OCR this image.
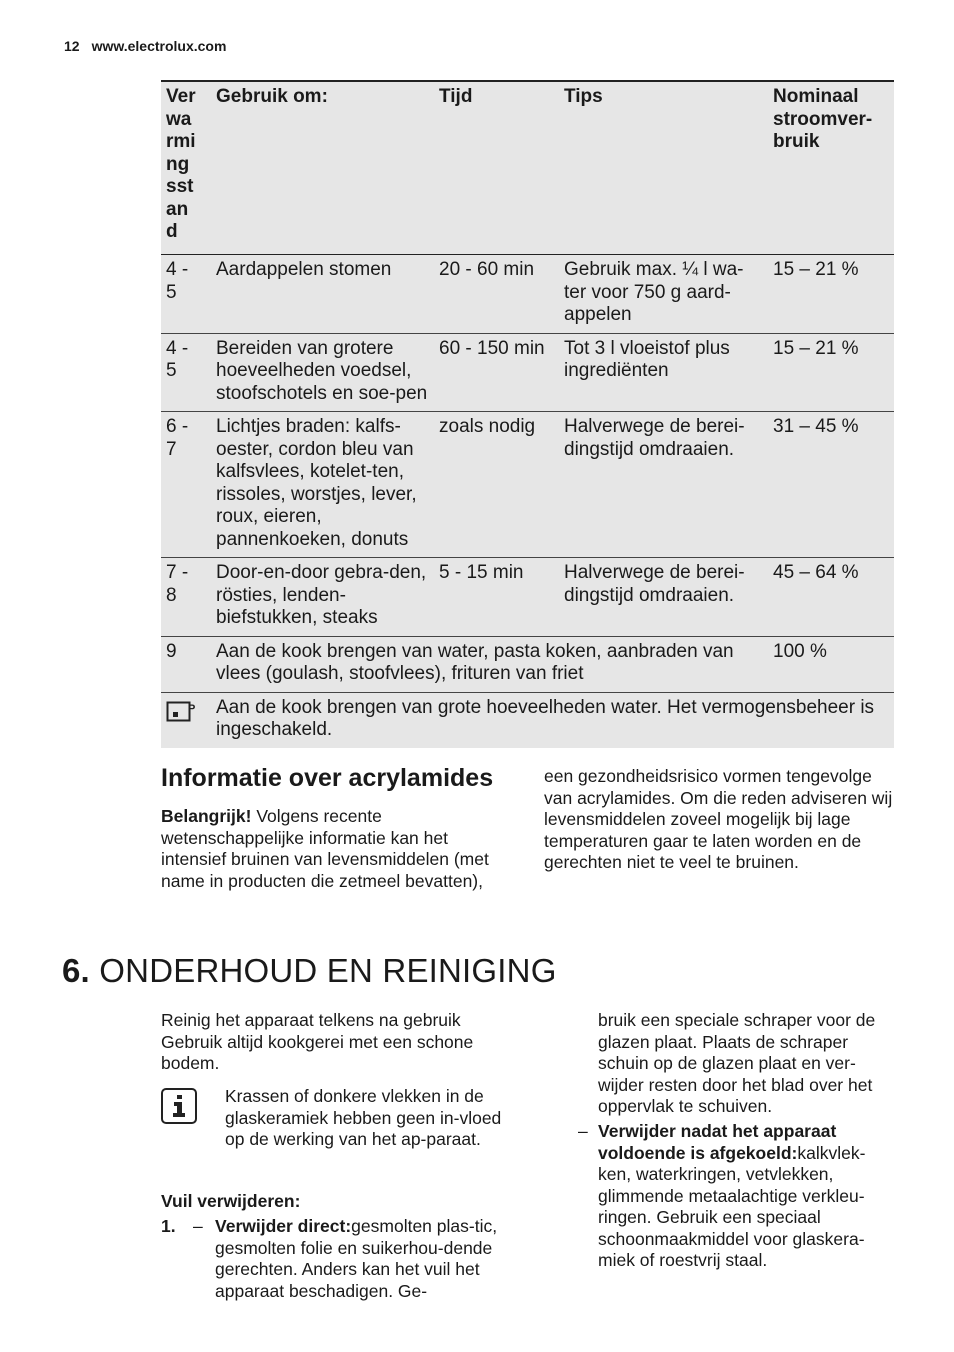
12 www.electrolux.com
Ver wa rmi ng sst an d	Gebruik om:	Tijd	Tips	Nominaal stroomver-bruik

4 - 5	Aardappelen stomen	20 - 60 min	Gebruik max. ¼ l wa-ter voor 750 g aard-appelen	15 – 21 %

4 - 5	Bereiden van grotere hoeveelheden voedsel, stoofschotels en soe-pen	60 - 150 min	Tot 3 l vloeistof plus ingrediënten	15 – 21 %

6 - 7	Lichtjes braden: kalfs-oester, cordon bleu van kalfsvlees, kotelet-ten, rissoles, worstjes, lever, roux, eieren, pannenkoeken, donuts	zoals nodig	Halverwege de berei-dingstijd omdraaien.	31 – 45 %

7 - 8	Door-en-door gebra-den, rösties, lenden-biefstukken, steaks	5 - 15 min	Halverwege de berei-dingstijd omdraaien.	45 – 64 %
9	Aan de kook brengen van water, pasta koken, aanbraden van vlees (goulash, stoofvlees), frituren van friet			100 %

P	Aan de kook brengen van grote hoeveelheden water. Het vermogensbeheer is ingeschakeld.			
Informatie over acrylamides
Belangrijk! Volgens recente wetenschappelijke informatie kan het intensief bruinen van levensmiddelen (met name in producten die zetmeel bevatten),
een gezondheidsrisico vormen tengevolge van acrylamides. Om die reden adviseren wij levensmiddelen zoveel mogelijk bij lage temperaturen gaar te laten worden en de gerechten niet te veel te bruinen.
6. ONDERHOUD EN REINIGING
Reinig het apparaat telkens na gebruik Gebruik altijd kookgerei met een schone bodem.
Krassen of donkere vlekken in de glaskeramiek hebben geen in-vloed op de werking van het ap-paraat.
Vuil verwijderen:
1. – Verwijder direct:gesmolten plas-tic, gesmolten folie en suikerhou-dende gerechten. Anders kan het vuil het apparaat beschadigen. Ge-
bruik een speciale schraper voor de glazen plaat. Plaats de schraper schuin op de glazen plaat en ver-wijder resten door het blad over het oppervlak te schuiven.
– Verwijder nadat het apparaat voldoende is afgekoeld:kalkvlek-ken, waterkringen, vetvlekken, glimmende metaalachtige verkleu-ringen. Gebruik een speciaal schoonmaakmiddel voor glaskera-miek of roestvrij staal.
